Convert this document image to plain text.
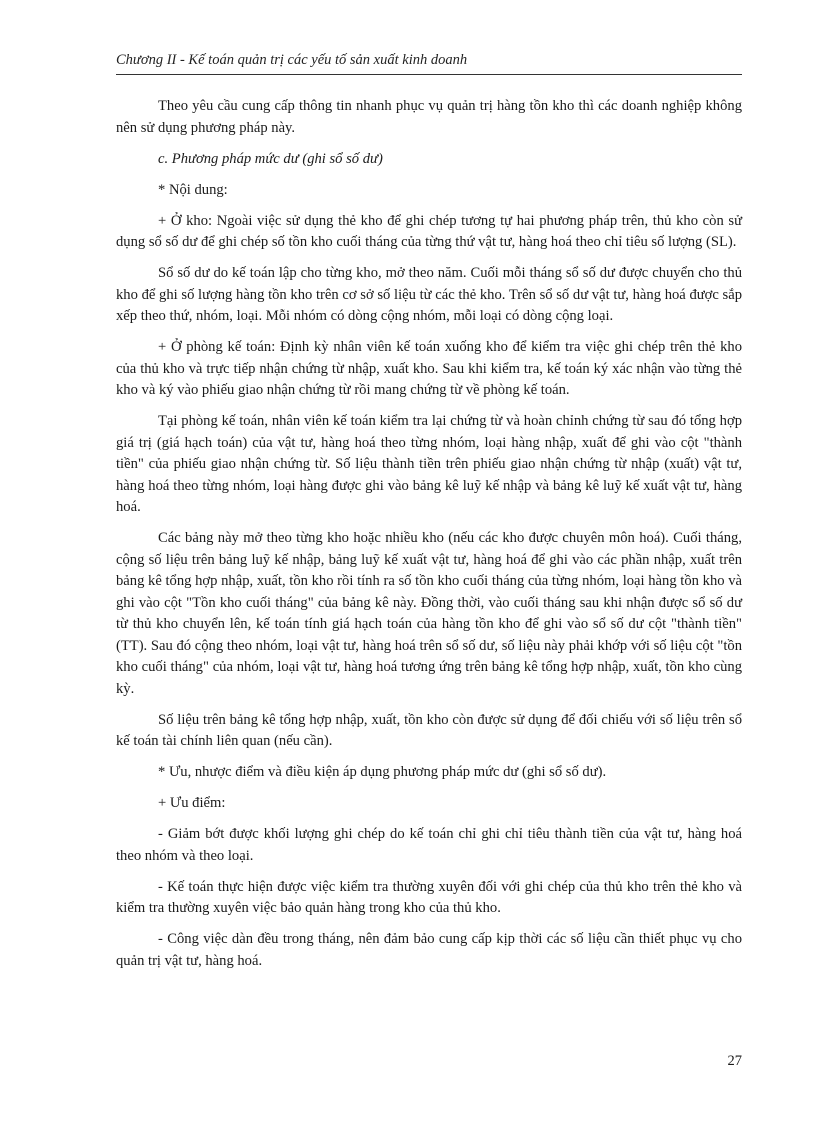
Chương II - Kế toán quản trị các yếu tố sản xuất kinh doanh

Theo yêu cầu cung cấp thông tin nhanh phục vụ quản trị hàng tồn kho thì các doanh nghiệp không nên sử dụng phương pháp này.

c. Phương pháp mức dư (ghi sổ số dư)

* Nội dung:

+ Ở kho: Ngoài việc sử dụng thẻ kho để ghi chép tương tự hai phương pháp trên, thủ kho còn sử dụng sổ số dư để ghi chép số tồn kho cuối tháng của từng thứ vật tư, hàng hoá theo chỉ tiêu số lượng (SL).

Sổ số dư do kế toán lập cho từng kho, mở theo năm. Cuối mỗi tháng sổ số dư được chuyển cho thủ kho để ghi số lượng hàng tồn kho trên cơ sở số liệu từ các thẻ kho. Trên sổ số dư vật tư, hàng hoá được sắp xếp theo thứ, nhóm, loại. Mỗi nhóm có dòng cộng nhóm, mỗi loại có dòng cộng loại.

+ Ở phòng kế toán: Định kỳ nhân viên kế toán xuống kho để kiểm tra việc ghi chép trên thẻ kho của thủ kho và trực tiếp nhận chứng từ nhập, xuất kho. Sau khi kiểm tra, kế toán ký xác nhận vào từng thẻ kho và ký vào phiếu giao nhận chứng từ rồi mang chứng từ về phòng kế toán.

Tại phòng kế toán, nhân viên kế toán kiểm tra lại chứng từ và hoàn chỉnh chứng từ sau đó tổng hợp giá trị (giá hạch toán) của vật tư, hàng hoá theo từng nhóm, loại hàng nhập, xuất để ghi vào cột "thành tiền" của phiếu giao nhận chứng từ. Số liệu thành tiền trên phiếu giao nhận chứng từ nhập (xuất) vật tư, hàng hoá theo từng nhóm, loại hàng được ghi vào bảng kê luỹ kế nhập và bảng kê luỹ kế xuất vật tư, hàng hoá.

Các bảng này mở theo từng kho hoặc nhiều kho (nếu các kho được chuyên môn hoá). Cuối tháng, cộng số liệu trên bảng luỹ kế nhập, bảng luỹ kế xuất vật tư, hàng hoá để ghi vào các phần nhập, xuất trên bảng kê tổng hợp nhập, xuất, tồn kho rồi tính ra số tồn kho cuối tháng của từng nhóm, loại hàng tồn kho và ghi vào cột "Tồn kho cuối tháng" của bảng kê này. Đồng thời, vào cuối tháng sau khi nhận được sổ số dư từ thủ kho chuyển lên, kế toán tính giá hạch toán của hàng tồn kho để ghi vào sổ số dư cột "thành tiền" (TT). Sau đó cộng theo nhóm, loại vật tư, hàng hoá trên sổ số dư, số liệu này phải khớp với số liệu cột "tồn kho cuối tháng" của nhóm, loại vật tư, hàng hoá tương ứng trên bảng kê tổng hợp nhập, xuất, tồn kho cùng kỳ.

Số liệu trên bảng kê tổng hợp nhập, xuất, tồn kho còn được sử dụng để đối chiếu với số liệu trên sổ kế toán tài chính liên quan (nếu cần).

* Ưu, nhược điểm và điều kiện áp dụng phương pháp mức dư (ghi sổ số dư).

+ Ưu điểm:

- Giảm bớt được khối lượng ghi chép do kế toán chỉ ghi chỉ tiêu thành tiền của vật tư, hàng hoá theo nhóm và theo loại.

- Kế toán thực hiện được việc kiểm tra thường xuyên đối với ghi chép của thủ kho trên thẻ kho và kiểm tra thường xuyên việc bảo quản hàng trong kho của thủ kho.

- Công việc dàn đều trong tháng, nên đảm bảo cung cấp kịp thời các số liệu cần thiết phục vụ cho quản trị vật tư, hàng hoá.

27
